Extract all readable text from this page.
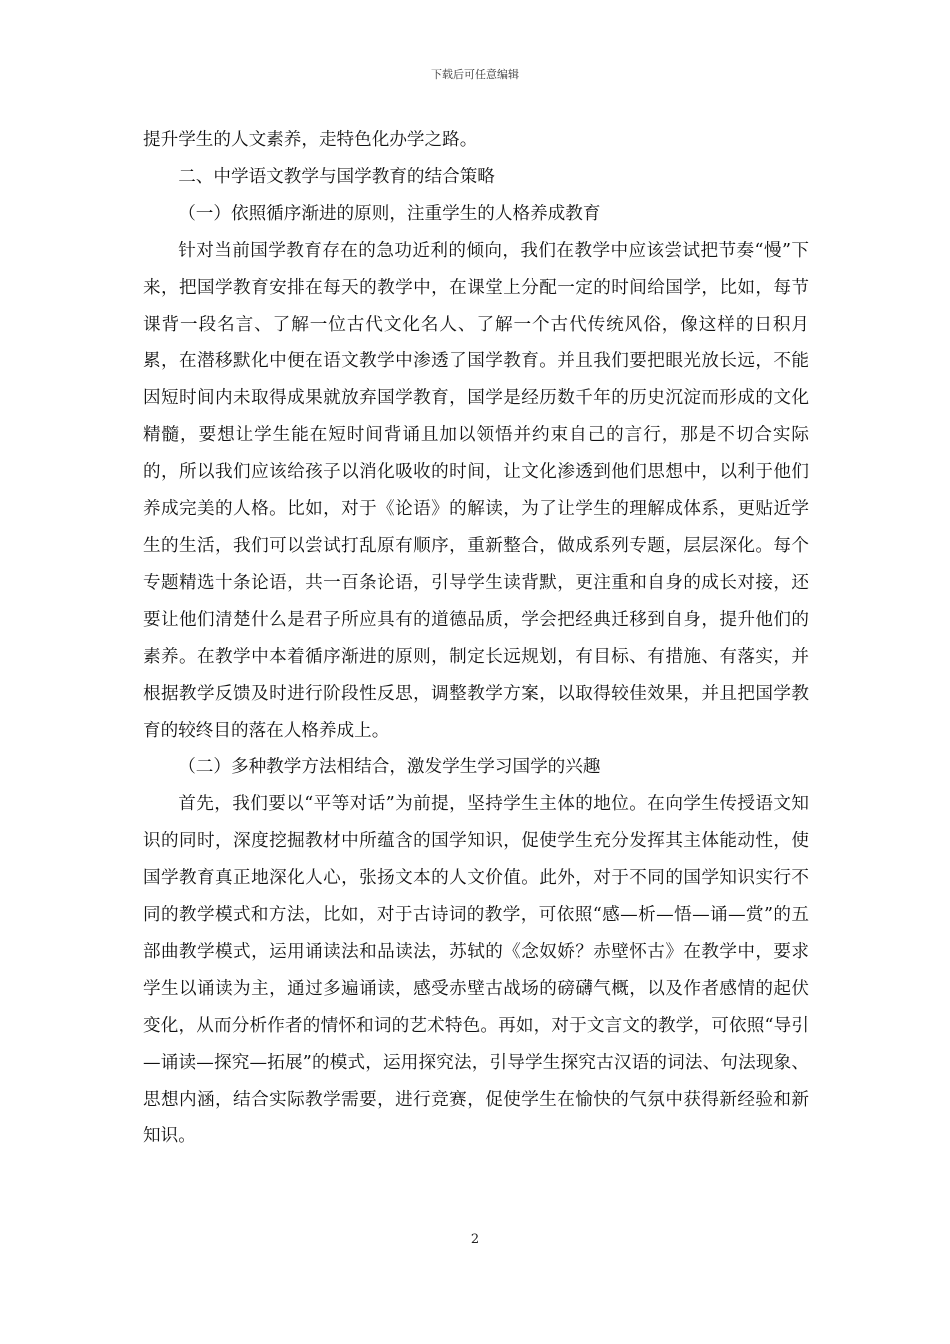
下载后可任意编辑

提升学生的人文素养，走特色化办学之路。

二、中学语文教学与国学教育的结合策略

（一）依照循序渐进的原则，注重学生的人格养成教育

针对当前国学教育存在的急功近利的倾向，我们在教学中应该尝试把节奏“慢”下来，把国学教育安排在每天的教学中，在课堂上分配一定的时间给国学，比如，每节课背一段名言、了解一位古代文化名人、了解一个古代传统风俗，像这样的日积月累，在潜移默化中便在语文教学中渗透了国学教育。并且我们要把眼光放长远，不能因短时间内未取得成果就放弃国学教育，国学是经历数千年的历史沉淀而形成的文化精髓，要想让学生能在短时间背诵且加以领悟并约束自己的言行，那是不切合实际的，所以我们应该给孩子以消化吸收的时间，让文化渗透到他们思想中，以利于他们养成完美的人格。比如，对于《论语》的解读，为了让学生的理解成体系，更贴近学生的生活，我们可以尝试打乱原有顺序，重新整合，做成系列专题，层层深化。每个专题精选十条论语，共一百条论语，引导学生读背默，更注重和自身的成长对接，还要让他们清楚什么是君子所应具有的道德品质，学会把经典迁移到自身，提升他们的素养。在教学中本着循序渐进的原则，制定长远规划，有目标、有措施、有落实，并根据教学反馈及时进行阶段性反思，调整教学方案，以取得较佳效果，并且把国学教育的较终目的落在人格养成上。

（二）多种教学方法相结合，激发学生学习国学的兴趣

首先，我们要以“平等对话”为前提，坚持学生主体的地位。在向学生传授语文知识的同时，深度挖掘教材中所蕴含的国学知识，促使学生充分发挥其主体能动性，使国学教育真正地深化人心，张扬文本的人文价值。此外，对于不同的国学知识实行不同的教学模式和方法，比如，对于古诗词的教学，可依照“感—析—悟—诵—赏”的五部曲教学模式，运用诵读法和品读法，苏轼的《念奴娇？赤壁怀古》在教学中，要求学生以诵读为主，通过多遍诵读，感受赤壁古战场的磅礴气概，以及作者感情的起伏变化，从而分析作者的情怀和词的艺术特色。再如，对于文言文的教学，可依照“导引—诵读—探究—拓展”的模式，运用探究法，引导学生探究古汉语的词法、句法现象、思想内涵，结合实际教学需要，进行竞赛，促使学生在愉快的气氛中获得新经验和新知识。

2
